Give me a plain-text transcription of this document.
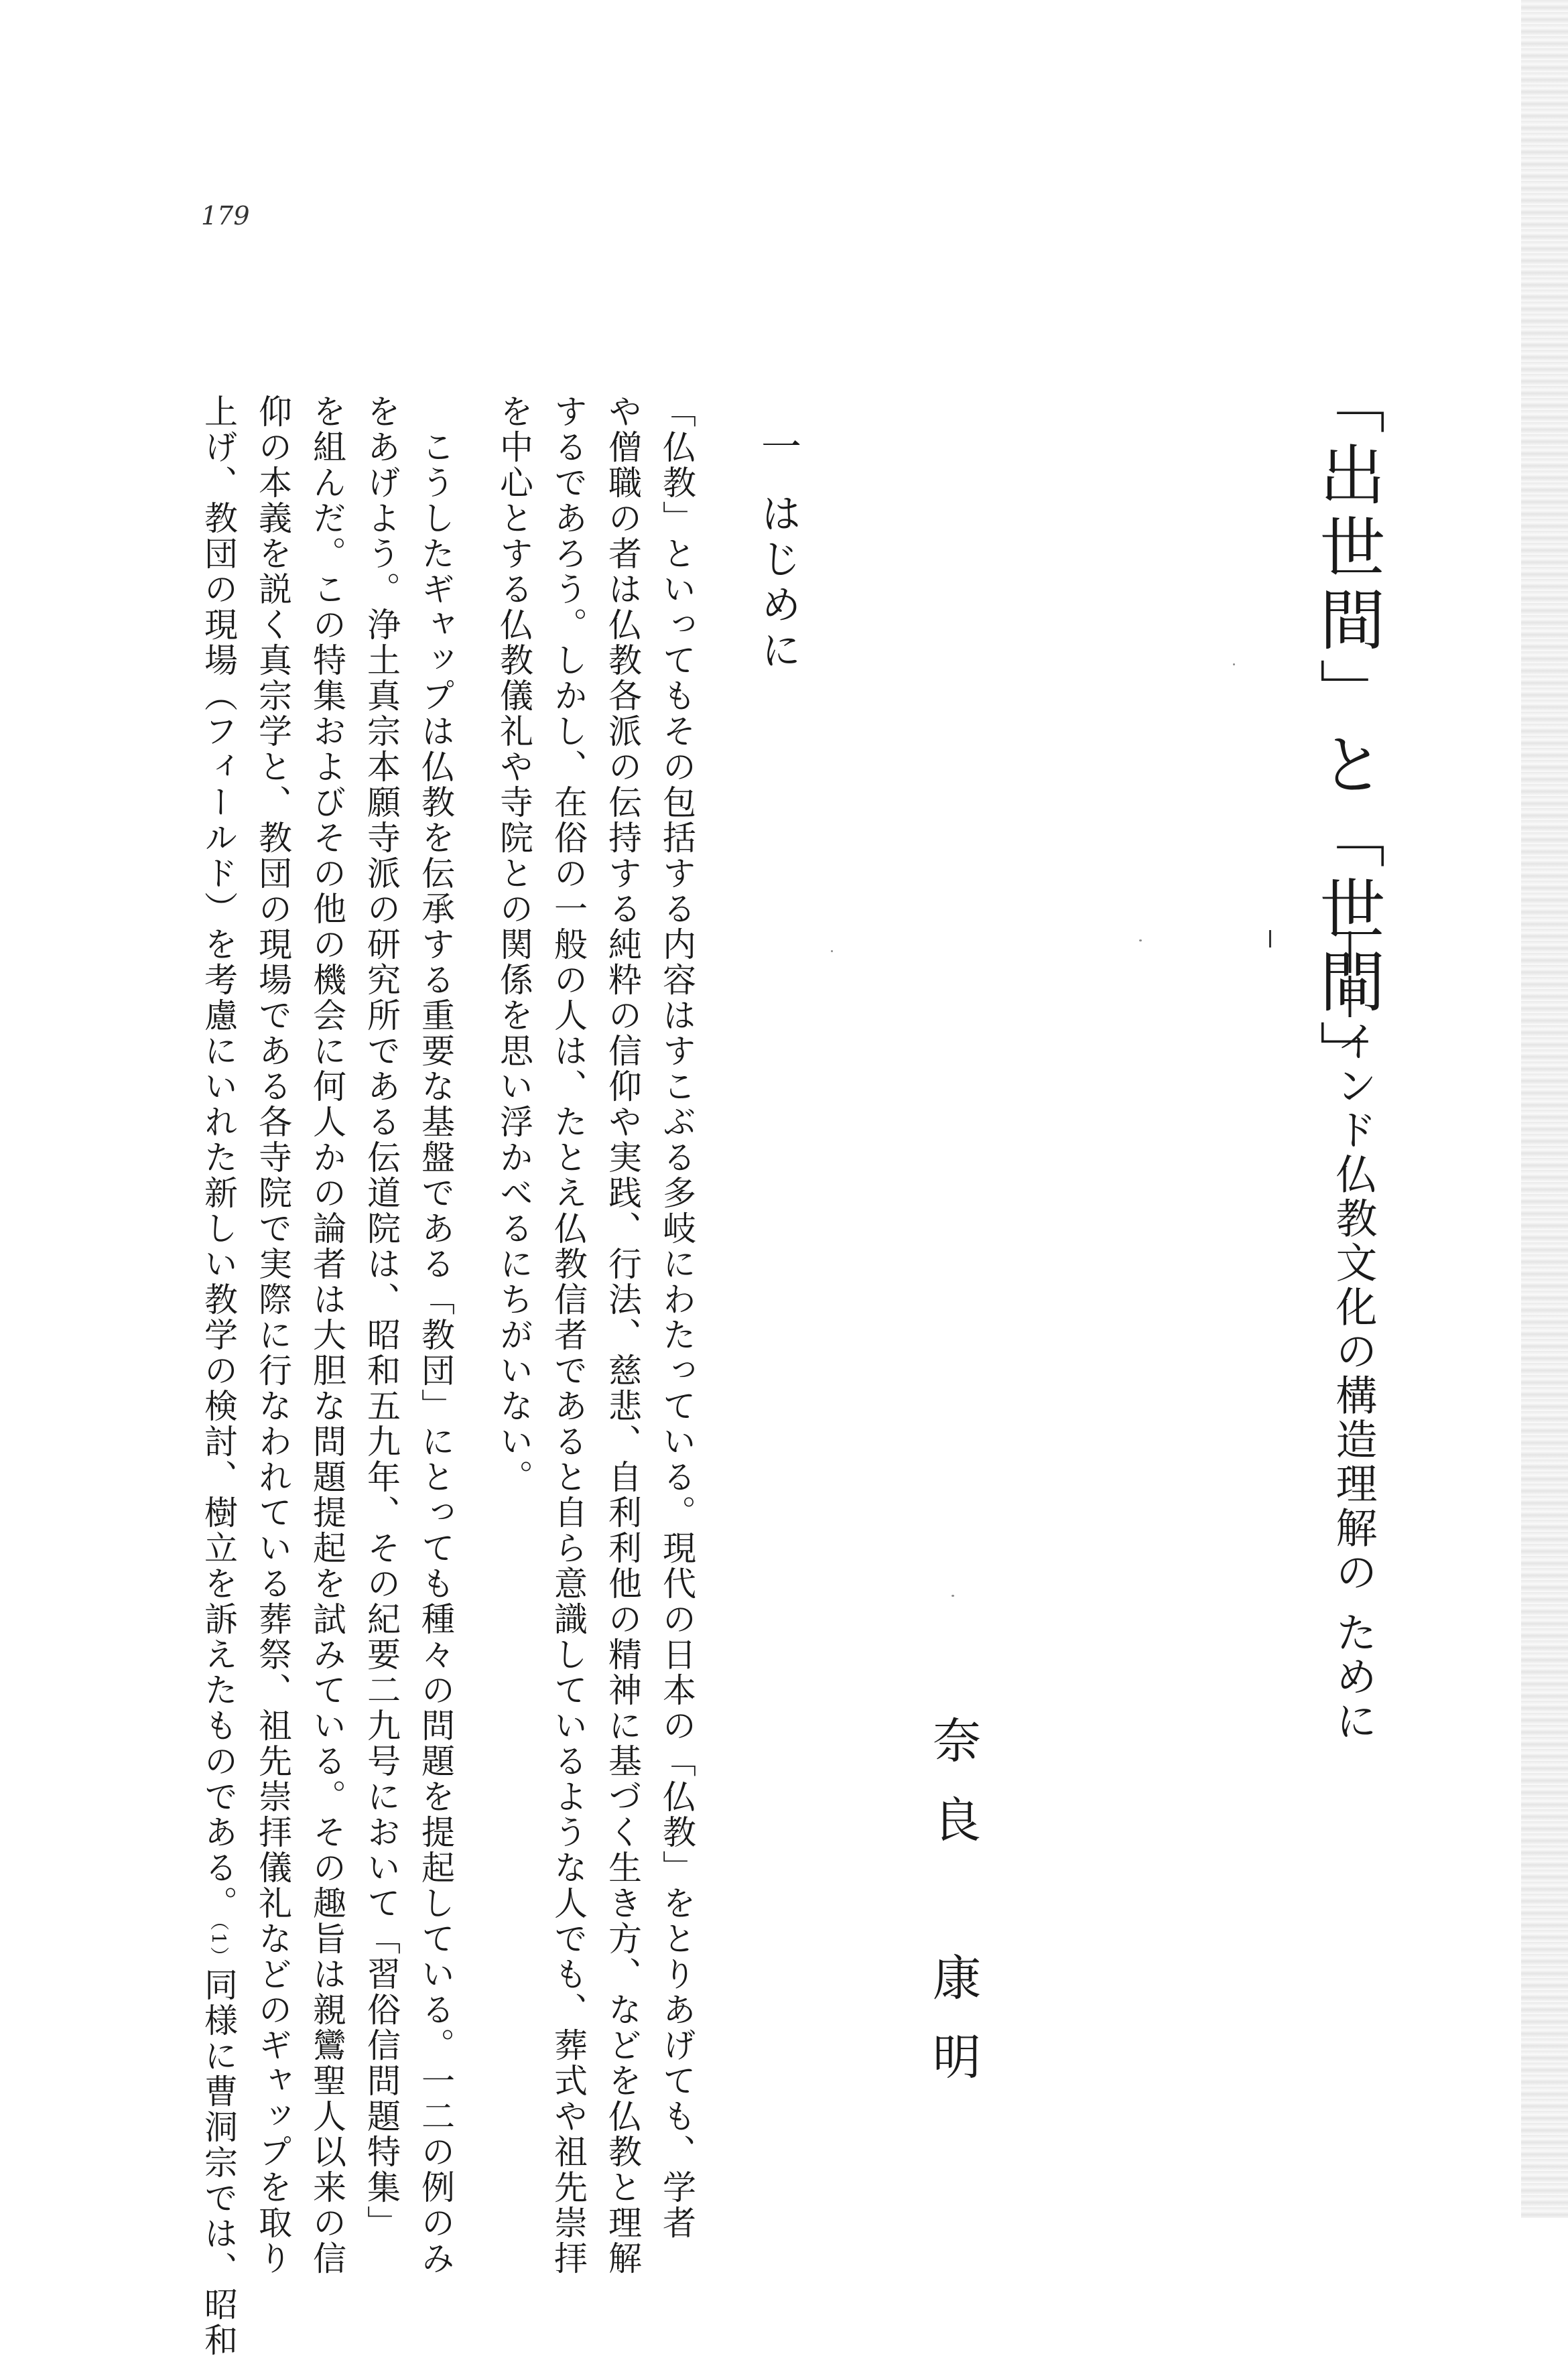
179
「出世間」と「世間」
――インド仏教文化の構造理解の ために
奈良　康明
一
はじめに
「仏教」といってもその包括する内容はすこぶる多岐にわたっている。現代の日本の「仏教」をとりあげても、学者
や僧職の者は仏教各派の伝持する純粋の信仰や実践、行法、慈悲、自利利他の精神に基づく生き方、などを仏教と理解
するであろう。しかし、在俗の一般の人は、たとえ仏教信者であると自ら意識しているような人でも、葬式や祖先崇拝
を中心とする仏教儀礼や寺院との関係を思い浮かべるにちがいない。
　こうしたギャップは仏教を伝承する重要な基盤である「教団」にとっても種々の問題を提起している。一二の例のみ
をあげよう。浄土真宗本願寺派の研究所である伝道院は、昭和五九年、その紀要二九号において「習俗信問題特集」
を組んだ。この特集およびその他の機会に何人かの論者は大胆な問題提起を試みている。その趣旨は親鸞聖人以来の信
仰の本義を説く真宗学と、教団の現場である各寺院で実際に行なわれている葬祭、祖先崇拝儀礼などのギャップを取り
上げ、教団の現場（フィールド）を考慮にいれた新しい教学の検討、樹立を訴えたものである。（1）同様に曹洞宗では、昭和
